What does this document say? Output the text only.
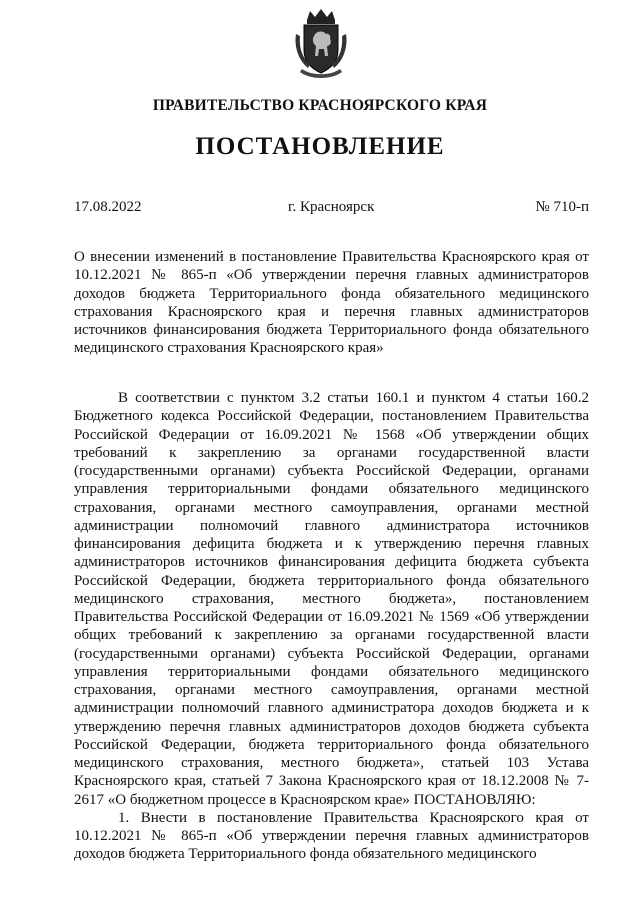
ПРАВИТЕЛЬСТВО КРАСНОЯРСКОГО КРАЯ
ПОСТАНОВЛЕНИЕ
17.08.2022	г. Красноярск	№ 710-п

О внесении изменений в постановление Правительства Красноярского края от 10.12.2021 № 865-п «Об утверждении перечня главных администраторов доходов бюджета Территориального фонда обязательного медицинского страхования Красноярского края и перечня главных администраторов источников финансирования бюджета Территориального фонда обязательного медицинского страхования Красноярского края»

В соответствии с пунктом 3.2 статьи 160.1 и пунктом 4 статьи 160.2 Бюджетного кодекса Российской Федерации, постановлением Правительства Российской Федерации от 16.09.2021 № 1568 «Об утверждении общих требований к закреплению за органами государственной власти (государственными органами) субъекта Российской Федерации, органами управления территориальными фондами обязательного медицинского страхования, органами местного самоуправления, органами местной администрации полномочий главного администратора источников финансирования дефицита бюджета и к утверждению перечня главных администраторов источников финансирования дефицита бюджета субъекта Российской Федерации, бюджета территориального фонда обязательного медицинского страхования, местного бюджета», постановлением Правительства Российской Федерации от 16.09.2021 № 1569 «Об утверждении общих требований к закреплению за органами государственной власти (государственными органами) субъекта Российской Федерации, органами управления территориальными фондами обязательного медицинского страхования, органами местного самоуправления, органами местной администрации полномочий главного администратора доходов бюджета и к утверждению перечня главных администраторов доходов бюджета субъекта Российской Федерации, бюджета территориального фонда обязательного медицинского страхования, местного бюджета», статьей 103 Устава Красноярского края, статьей 7 Закона Красноярского края от 18.12.2008 № 7-2617 «О бюджетном процессе в Красноярском крае» ПОСТАНОВЛЯЮ:

1. Внести в постановление Правительства Красноярского края от 10.12.2021 № 865-п «Об утверждении перечня главных администраторов доходов бюджета Территориального фонда обязательного медицинского
